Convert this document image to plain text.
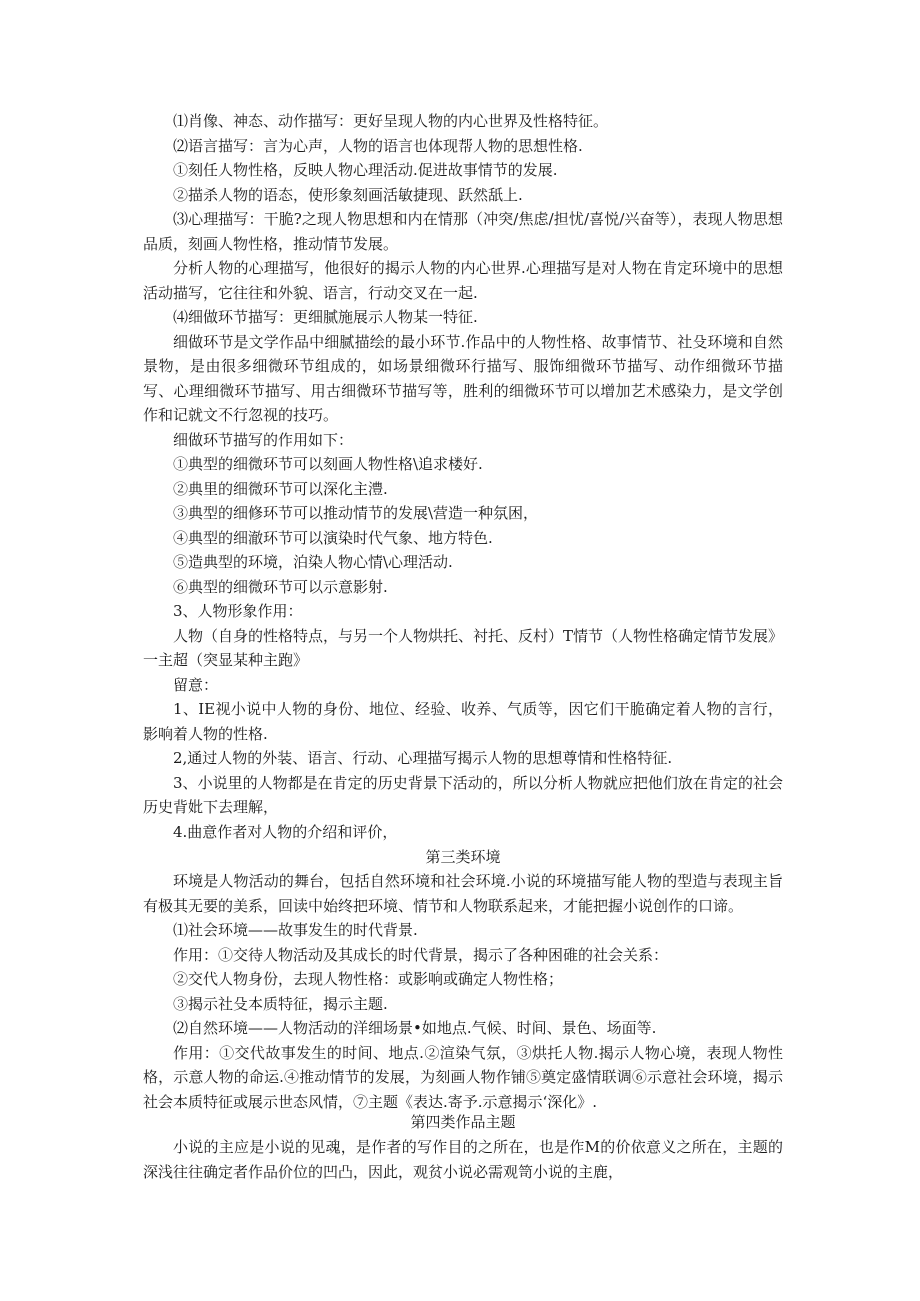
⑴肖像、神态、动作描写：更好呈现人物的内心世界及性格特征。

⑵语言描写：言为心声，人物的语言也体现帮人物的思想性格.

①刻任人物性格，反映人物心理活动.促进故事情节的发展.

②描杀人物的语态，使形象刻画活敏捷现、跃然舐上.

⑶心理描写：干脆?之现人物思想和内在情那（冲突/焦虑/担忧/喜悦/兴奋等），表现人物思想品质，刻画人物性格，推动情节发展。

分析人物的心理描写，他很好的揭示人物的内心世界.心理描写是对人物在肯定环境中的思想活动描写，它往往和外貌、语言，行动交叉在一起.

⑷细做环节描写：更细腻施展示人物某一特征.

细做环节是文学作品中细腻描绘的最小环节.作品中的人物性格、故事情节、社殳环境和自然景物，是由很多细微环节组成的，如场景细微环行描写、服饰细微环节描写、动作细微环节描写、心理细微环节描写、用古细微环节描写等，胜利的细微环节可以增加艺术感染力，是文学创作和记就文不行忽视的技巧。

细做环节描写的作用如下：

①典型的细微环节可以刻画人物性格\追求楼好.

②典里的细微环节可以深化主澧.

③典型的细修环节可以推动情节的发展\营造一种氛困，

④典型的细澈环节可以演染时代气象、地方特色.

⑤造典型的环境，泊染人物心情\心理活动.

⑥典型的细微环节可以示意影射.

3、人物形象作用：

人物（自身的性格特点，与另一个人物烘托、衬托、反村）T情节（人物性格确定情节发展》一主超（突显某种主跑》

留意：

1、IE视小说中人物的身份、地位、经验、收养、气质等，因它们干脆确定着人物的言行，影响着人物的性格.

2,通过人物的外装、语言、行动、心理描写揭示人物的思想尊情和性格特征.

3、小说里的人物都是在肯定的历史背景下活动的，所以分析人物就应把他们放在肯定的社会历史背妣下去理解，

4.曲意作者对人物的介绍和评价，

第三类环境

环境是人物活动的舞台，包括自然环境和社会环境.小说的环境描写能人物的型造与表现主旨有极其无要的美系，回读中始终把环境、情节和人物联系起来，才能把握小说创作的口谛。

⑴社会环境——故事发生的时代背景.

作用：①交待人物活动及其成长的时代背景，揭示了各种困碓的社会关系：

②交代人物身份，去现人物性格：或影响或确定人物性格；

③揭示社殳本质特征，揭示主题.

⑵自然环境——人物活动的洋细场景•如地点.气候、时间、景色、场面等.

作用：①交代故事发生的时间、地点.②渲染气氛，③烘托人物.揭示人物心境，表现人物性格，示意人物的命运.④推动情节的发展，为刻画人物作铺⑤奠定盛情联调⑥示意社会环境，揭示社会本质特征或展示世态风情，⑦主题《表达.寄予.示意揭示‘深化》.

第四类作品主题

小说的主应是小说的见魂，是作者的写作目的之所在，也是作M的价依意义之所在，主题的深浅往往确定者作品价位的凹凸，因此，观贫小说必需观笥小说的主鹿，
